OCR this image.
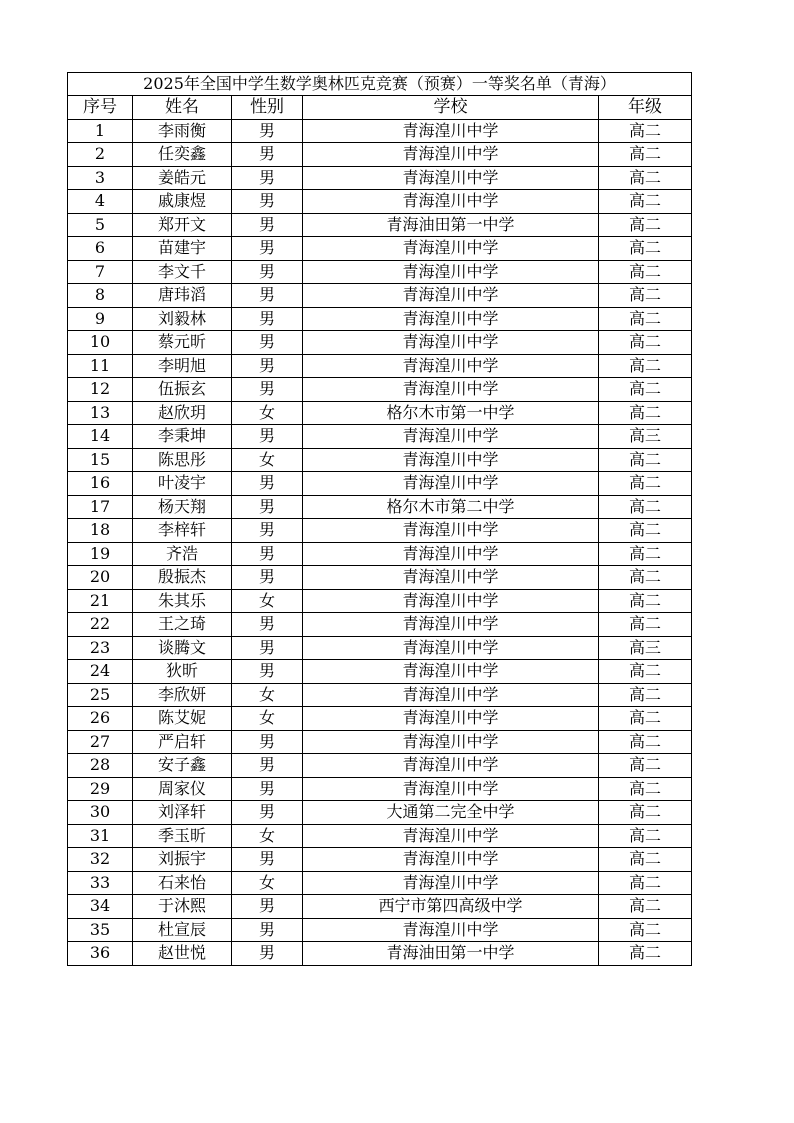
2025年全国中学生数学奥林匹克竞赛（预赛）一等奖名单（青海）				
序号	姓名	性别	学校	年级
1	李雨衡	男	青海湟川中学	高二
2	任奕鑫	男	青海湟川中学	高二
3	姜皓元	男	青海湟川中学	高二
4	戚康煜	男	青海湟川中学	高二
5	郑开文	男	青海油田第一中学	高二
6	苗建宇	男	青海湟川中学	高二
7	李文千	男	青海湟川中学	高二
8	唐玮滔	男	青海湟川中学	高二
9	刘毅林	男	青海湟川中学	高二
10	蔡元昕	男	青海湟川中学	高二
11	李明旭	男	青海湟川中学	高二
12	伍振玄	男	青海湟川中学	高二
13	赵欣玥	女	格尔木市第一中学	高二
14	李秉坤	男	青海湟川中学	高三
15	陈思彤	女	青海湟川中学	高二
16	叶凌宇	男	青海湟川中学	高二
17	杨天翔	男	格尔木市第二中学	高二
18	李梓轩	男	青海湟川中学	高二
19	齐浩	男	青海湟川中学	高二
20	殷振杰	男	青海湟川中学	高二
21	朱其乐	女	青海湟川中学	高二
22	王之琦	男	青海湟川中学	高二
23	谈腾文	男	青海湟川中学	高三
24	狄昕	男	青海湟川中学	高二
25	李欣妍	女	青海湟川中学	高二
26	陈艾妮	女	青海湟川中学	高二
27	严启轩	男	青海湟川中学	高二
28	安子鑫	男	青海湟川中学	高二
29	周家仪	男	青海湟川中学	高二
30	刘泽轩	男	大通第二完全中学	高二
31	季玉昕	女	青海湟川中学	高二
32	刘振宇	男	青海湟川中学	高二
33	石来怡	女	青海湟川中学	高二
34	于沐熙	男	西宁市第四高级中学	高二
35	杜宣辰	男	青海湟川中学	高二
36	赵世悦	男	青海油田第一中学	高二
